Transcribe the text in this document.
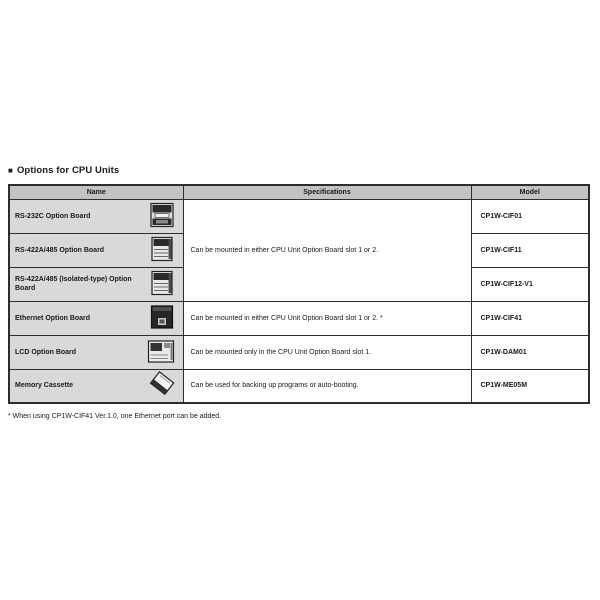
■ Options for CPU Units
Name	Specifications	Model

RS-232C Option Board	Can be mounted in either CPU Unit Option Board slot 1 or 2.	CP1W-CIF01

RS-422A/485 Option Board		CP1W-CIF11

RS-422A/485 (Isolated-type) Option Board		CP1W-CIF12-V1

Ethernet Option Board	Can be mounted in either CPU Unit Option Board slot 1 or 2. *	CP1W-CIF41

LCD Option Board	Can be mounted only in the CPU Unit Option Board slot 1.	CP1W-DAM01

Memory Cassette	Can be used for backing up programs or auto-booting.	CP1W-ME05M
* When using CP1W-CIF41 Ver.1.0, one Ethernet port can be added.
